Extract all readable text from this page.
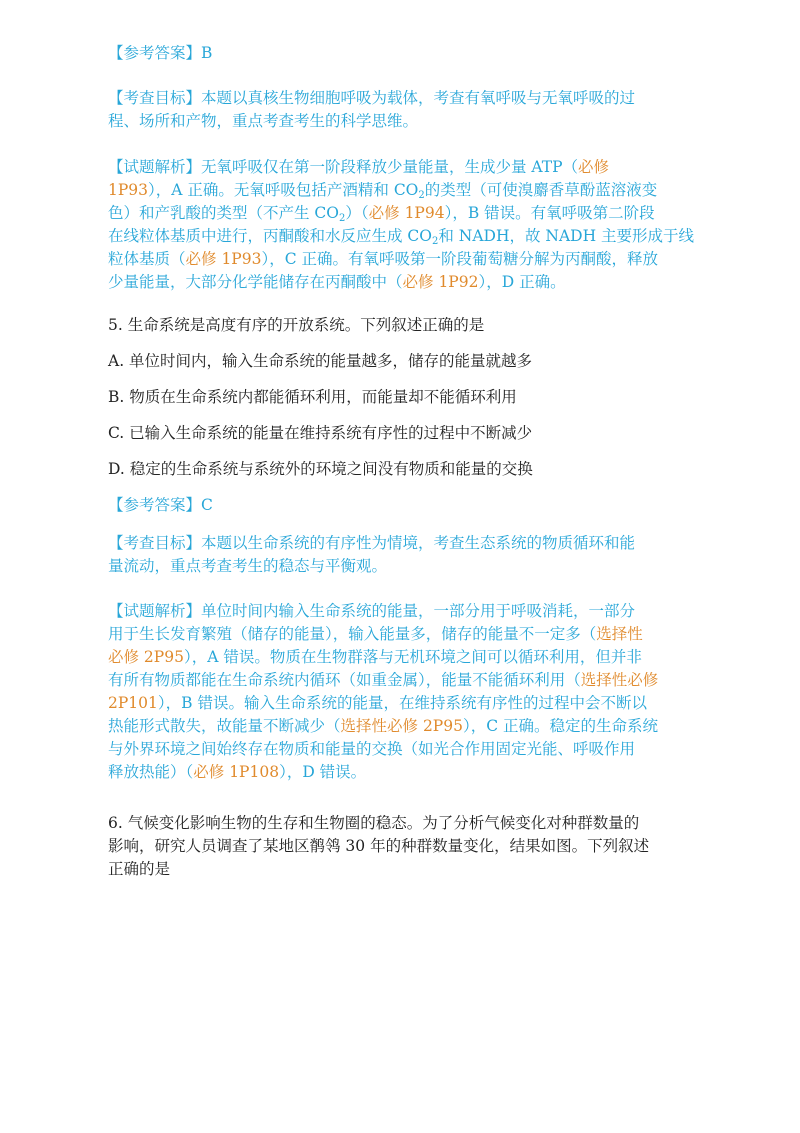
【参考答案】B
【考查目标】本题以真核生物细胞呼吸为载体，考查有氧呼吸与无氧呼吸的过
程、场所和产物，重点考查考生的科学思维。
【试题解析】无氧呼吸仅在第一阶段释放少量能量，生成少量 ATP（必修
1P93），A 正确。无氧呼吸包括产酒精和 $CO_2$的类型（可使溴麝香草酚蓝溶液变
色）和产乳酸的类型（不产生 $CO_2$）（必修 1P94），B 错误。有氧呼吸第二阶段
在线粒体基质中进行，丙酮酸和水反应生成 $CO_2$和 NADH，故 NADH 主要形成于线
粒体基质（必修 1P93），C 正确。有氧呼吸第一阶段葡萄糖分解为丙酮酸，释放
少量能量，大部分化学能储存在丙酮酸中（必修 1P92），D 正确。
5. 生命系统是高度有序的开放系统。下列叙述正确的是
A. 单位时间内，输入生命系统的能量越多，储存的能量就越多
B. 物质在生命系统内都能循环利用，而能量却不能循环利用
C. 已输入生命系统的能量在维持系统有序性的过程中不断减少
D. 稳定的生命系统与系统外的环境之间没有物质和能量的交换
【参考答案】C
【考查目标】本题以生命系统的有序性为情境，考查生态系统的物质循环和能
量流动，重点考查考生的稳态与平衡观。
【试题解析】单位时间内输入生命系统的能量，一部分用于呼吸消耗，一部分
用于生长发育繁殖（储存的能量），输入能量多，储存的能量不一定多（选择性
必修 2P95），A 错误。物质在生物群落与无机环境之间可以循环利用，但并非
有所有物质都能在生命系统内循环（如重金属），能量不能循环利用（选择性必修
2P101），B 错误。输入生命系统的能量，在维持系统有序性的过程中会不断以
热能形式散失，故能量不断减少（选择性必修 2P95），C 正确。稳定的生命系统
与外界环境之间始终存在物质和能量的交换（如光合作用固定光能、呼吸作用
释放热能）（必修 1P108），D 错误。
6. 气候变化影响生物的生存和生物圈的稳态。为了分析气候变化对种群数量的
影响，研究人员调查了某地区鹡鸰 30 年的种群数量变化，结果如图。下列叙述
正确的是
